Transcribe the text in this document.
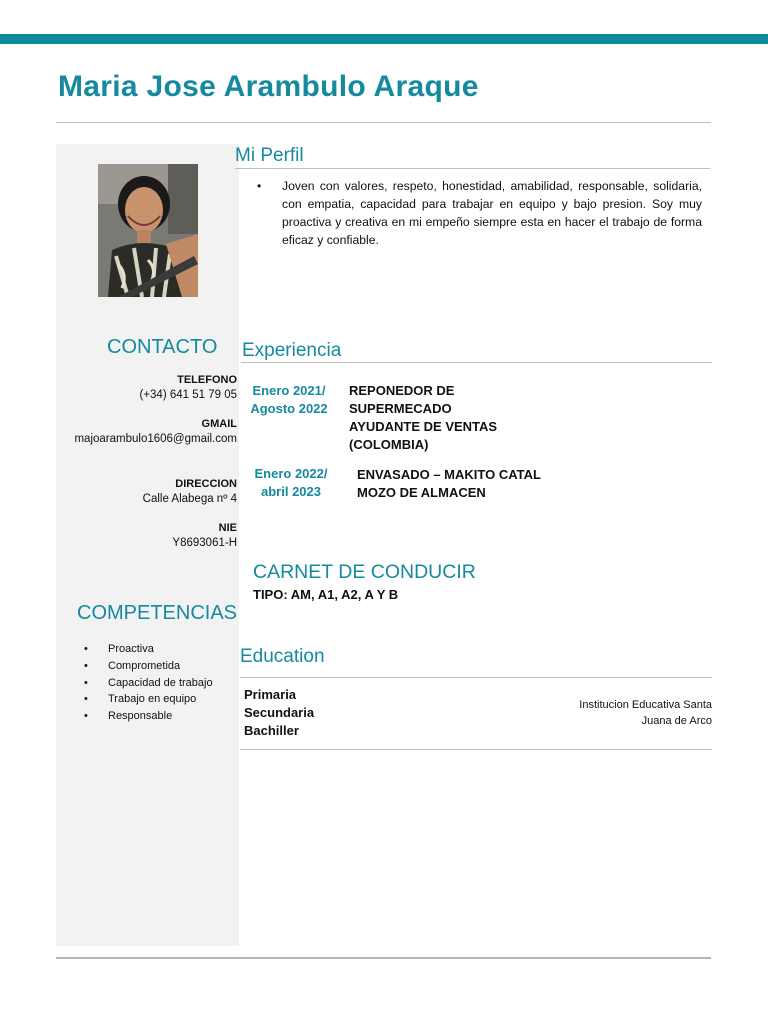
Maria Jose Arambulo Araque
CONTACTO
TELEFONO
(+34) 641 51 79 05
GMAIL
majoarambulo1606@gmail.com
DIRECCION
Calle Alabega nº 4
NIE
Y8693061-H
COMPETENCIAS
• Proactiva
• Comprometida
• Capacidad de trabajo
• Trabajo en equipo
• Responsable
Mi Perfil
• Joven con valores, respeto, honestidad, amabilidad, responsable, solidaria, con empatia, capacidad para trabajar en equipo y bajo presion. Soy muy proactiva y creativa en mi empeño siempre esta en hacer el trabajo de forma eficaz y confiable.
Experiencia
Enero 2021/
Agosto 2022
REPONEDOR DE
SUPERMECADO
AYUDANTE DE VENTAS
(COLOMBIA)
Enero 2022/
abril 2023
ENVASADO – MAKITO CATAL
MOZO DE ALMACEN
CARNET DE CONDUCIR
TIPO: AM, A1, A2, A Y B
Education
Primaria
Secundaria
Bachiller
Institucion Educativa Santa
Juana de Arco
